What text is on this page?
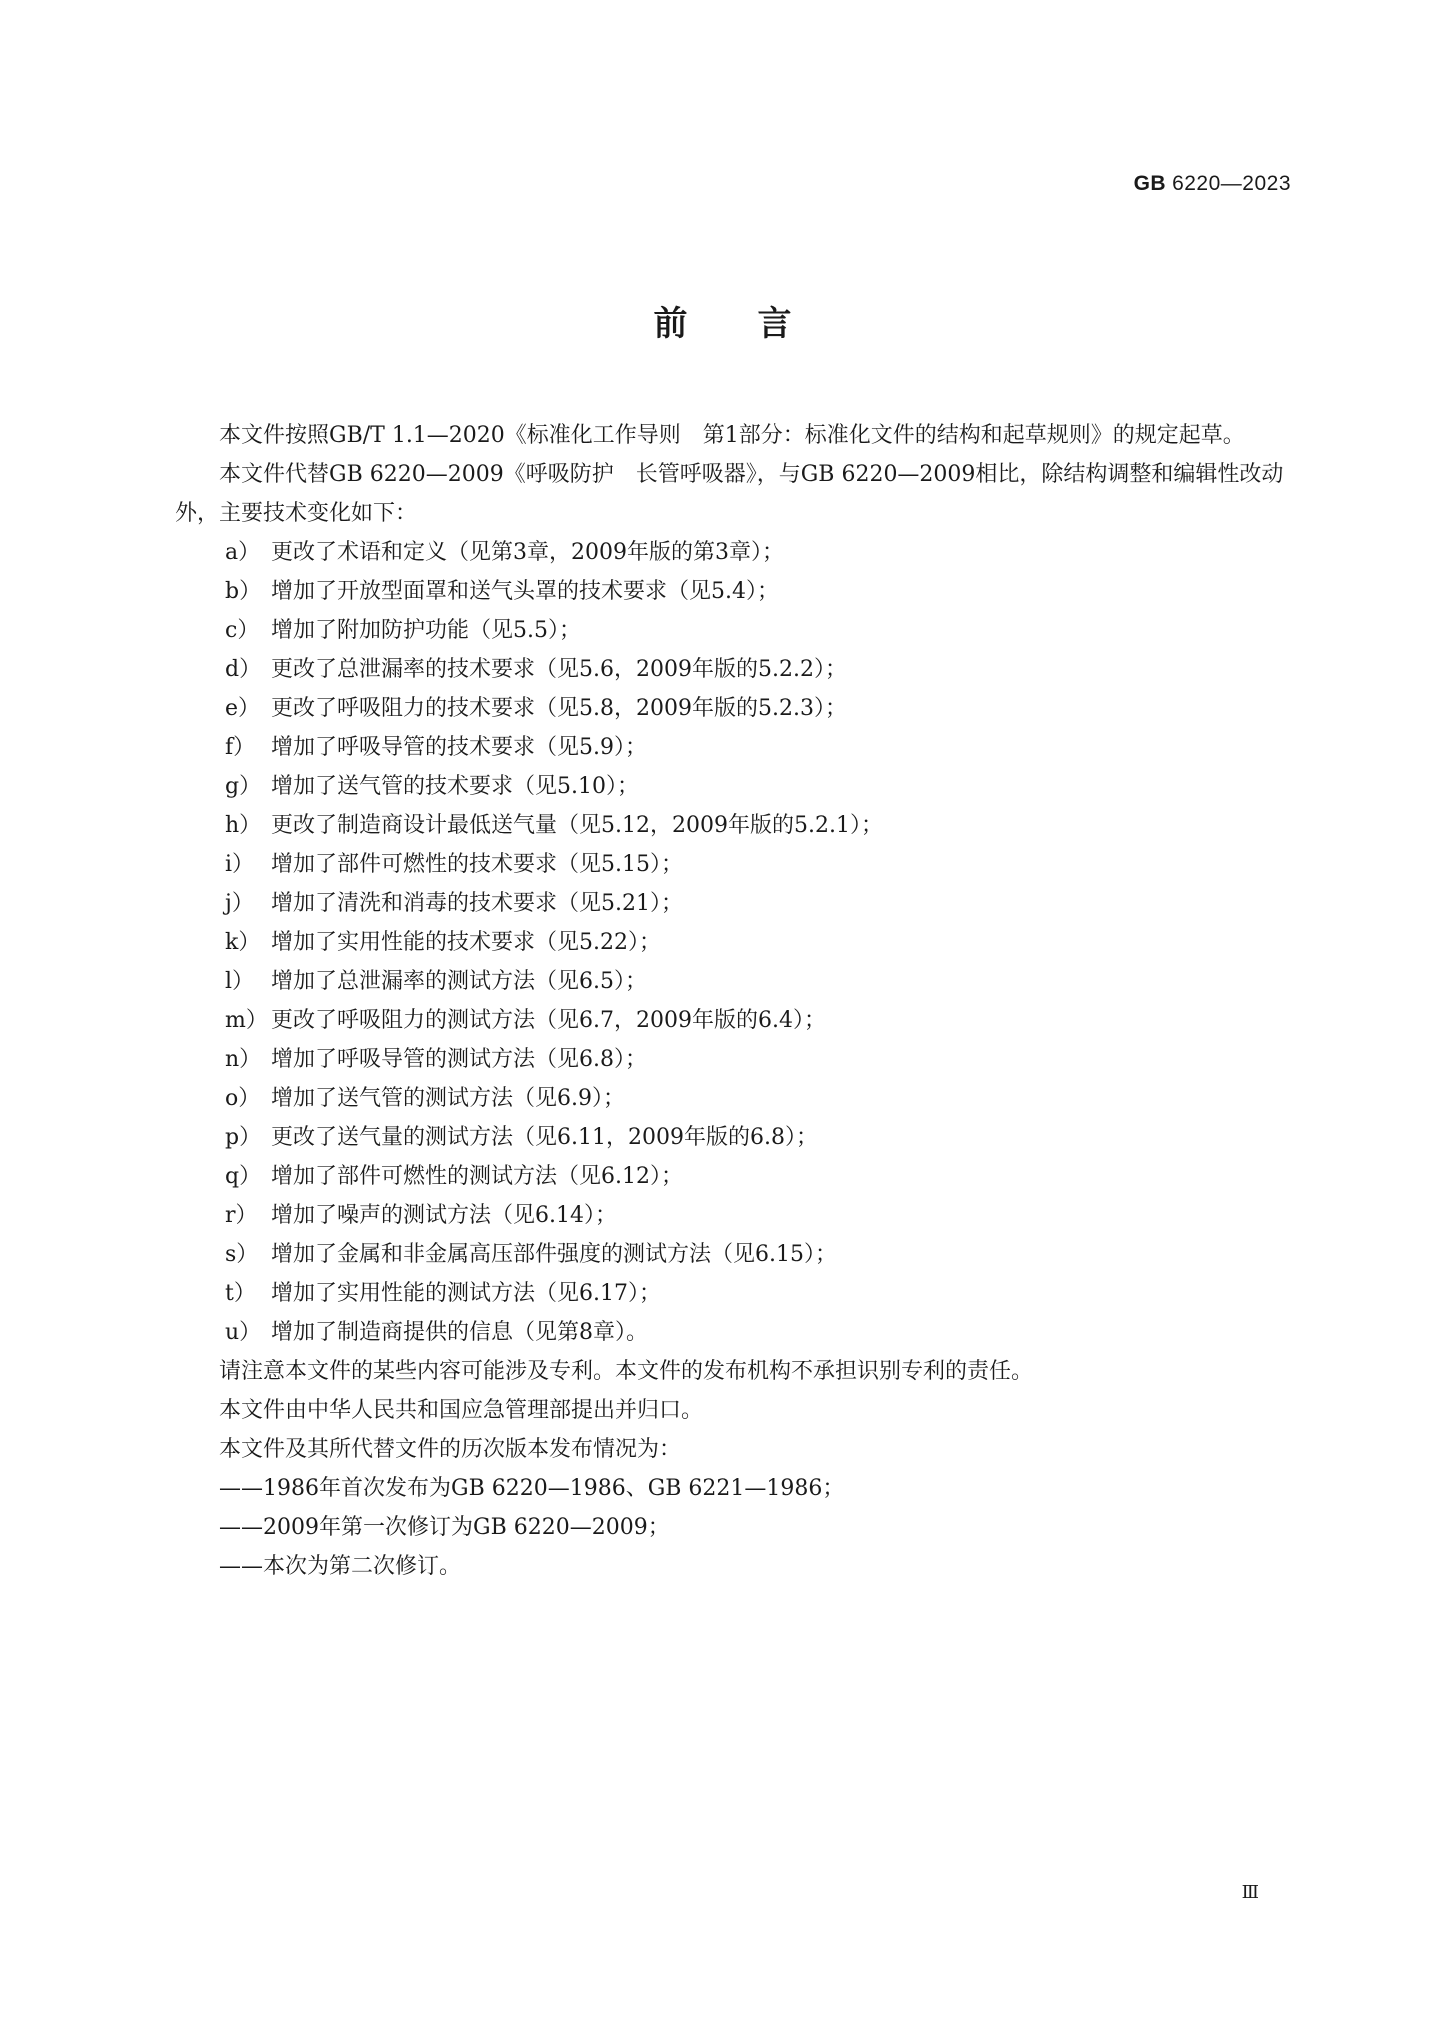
GB 6220—2023
前言

本文件按照GB/T 1.1—2020《标准化工作导则　第1部分：标准化文件的结构和起草规则》的规定起草。

本文件代替GB 6220—2009《呼吸防护　长管呼吸器》，与GB 6220—2009相比，除结构调整和编辑性改动外，主要技术变化如下：

a） 更改了术语和定义（见第3章，2009年版的第3章）；

b） 增加了开放型面罩和送气头罩的技术要求（见5.4）；

c） 增加了附加防护功能（见5.5）；

d） 更改了总泄漏率的技术要求（见5.6，2009年版的5.2.2）；

e） 更改了呼吸阻力的技术要求（见5.8，2009年版的5.2.3）；

f） 增加了呼吸导管的技术要求（见5.9）；

g） 增加了送气管的技术要求（见5.10）；

h） 更改了制造商设计最低送气量（见5.12，2009年版的5.2.1）；

i） 增加了部件可燃性的技术要求（见5.15）；

j） 增加了清洗和消毒的技术要求（见5.21）；

k） 增加了实用性能的技术要求（见5.22）；

l） 增加了总泄漏率的测试方法（见6.5）；

m） 更改了呼吸阻力的测试方法（见6.7，2009年版的6.4）；

n） 增加了呼吸导管的测试方法（见6.8）；

o） 增加了送气管的测试方法（见6.9）；

p） 更改了送气量的测试方法（见6.11，2009年版的6.8）；

q） 增加了部件可燃性的测试方法（见6.12）；

r） 增加了噪声的测试方法（见6.14）；

s） 增加了金属和非金属高压部件强度的测试方法（见6.15）；

t） 增加了实用性能的测试方法（见6.17）；

u） 增加了制造商提供的信息（见第8章）。

请注意本文件的某些内容可能涉及专利。本文件的发布机构不承担识别专利的责任。

本文件由中华人民共和国应急管理部提出并归口。

本文件及其所代替文件的历次版本发布情况为：

——1986年首次发布为GB 6220—1986、GB 6221—1986；

——2009年第一次修订为GB 6220—2009；

——本次为第二次修订。

Ⅲ
